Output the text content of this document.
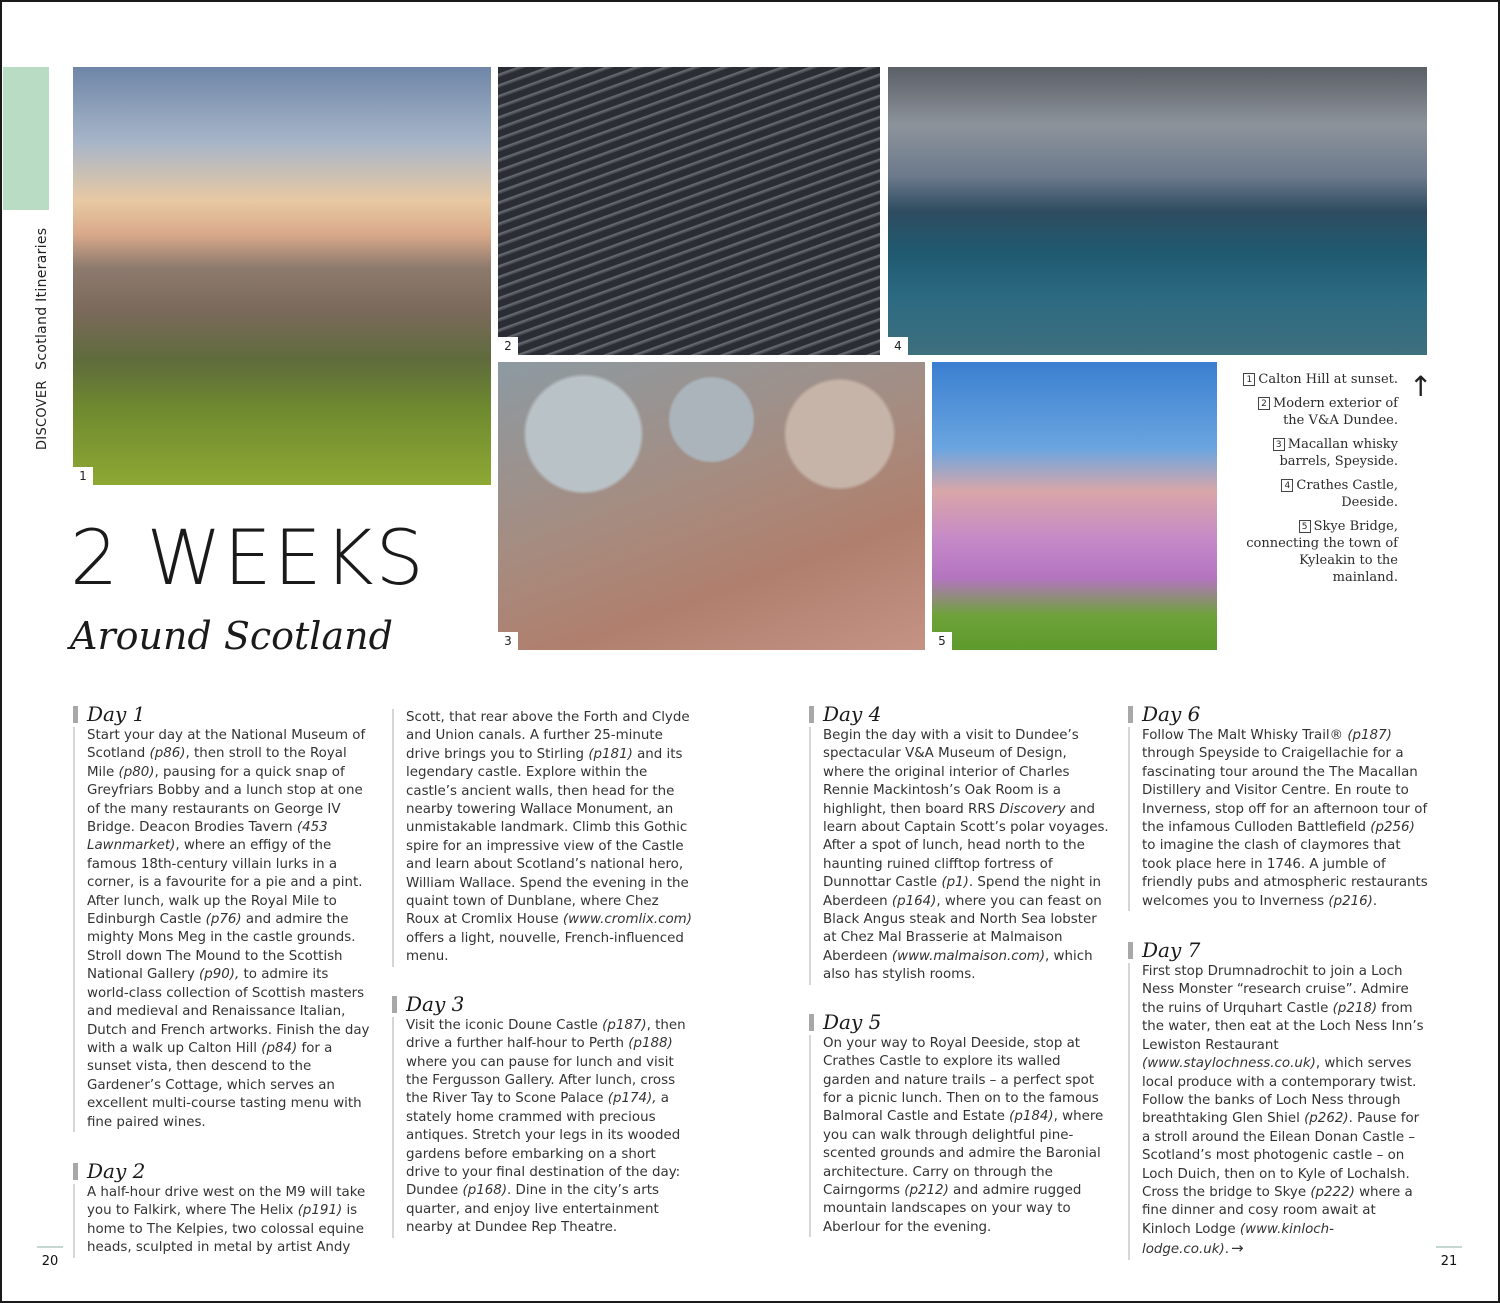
DISCOVER Scotland Itineraries
1
2	4
3	5
1 Calton Hill at sunset.
2 Modern exterior of the V&A Dundee.
3 Macallan whisky barrels, Speyside.
4 Crathes Castle, Deeside.
5 Skye Bridge, connecting the town of Kyleakin to the mainland.
↑
2 WEEKS
Around Scotland
Day 1
Start your day at the National Museum of Scotland (p86), then stroll to the Royal Mile (p80), pausing for a quick snap of Greyfriars Bobby and a lunch stop at one of the many restaurants on George IV Bridge. Deacon Brodies Tavern (453 Lawnmarket), where an effigy of the famous 18th-century villain lurks in a corner, is a favourite for a pie and a pint. After lunch, walk up the Royal Mile to Edinburgh Castle (p76) and admire the mighty Mons Meg in the castle grounds. Stroll down The Mound to the Scottish National Gallery (p90), to admire its world-class collection of Scottish masters and medieval and Renaissance Italian, Dutch and French artworks. Finish the day with a walk up Calton Hill (p84) for a sunset vista, then descend to the Gardener’s Cottage, which serves an excellent multi-course tasting menu with fine paired wines.
Day 2
A half-hour drive west on the M9 will take you to Falkirk, where The Helix (p191) is home to The Kelpies, two colossal equine heads, sculpted in metal by artist Andy
Scott, that rear above the Forth and Clyde and Union canals. A further 25-minute drive brings you to Stirling (p181) and its legendary castle. Explore within the castle’s ancient walls, then head for the nearby towering Wallace Monument, an unmistakable landmark. Climb this Gothic spire for an impressive view of the Castle and learn about Scotland’s national hero, William Wallace. Spend the evening in the quaint town of Dunblane, where Chez Roux at Cromlix House (www.cromlix.com) offers a light, nouvelle, French-influenced menu.
Day 3
Visit the iconic Doune Castle (p187), then drive a further half-hour to Perth (p188) where you can pause for lunch and visit the Fergusson Gallery. After lunch, cross the River Tay to Scone Palace (p174), a stately home crammed with precious antiques. Stretch your legs in its wooded gardens before embarking on a short drive to your final destination of the day: Dundee (p168). Dine in the city’s arts quarter, and enjoy live entertainment nearby at Dundee Rep Theatre.
Day 4
Begin the day with a visit to Dundee’s spectacular V&A Museum of Design, where the original interior of Charles Rennie Mackintosh’s Oak Room is a highlight, then board RRS Discovery and learn about Captain Scott’s polar voyages. After a spot of lunch, head north to the haunting ruined clifftop fortress of Dunnottar Castle (p1). Spend the night in Aberdeen (p164), where you can feast on Black Angus steak and North Sea lobster at Chez Mal Brasserie at Malmaison Aberdeen (www.malmaison.com), which also has stylish rooms.
Day 5
On your way to Royal Deeside, stop at Crathes Castle to explore its walled garden and nature trails – a perfect spot for a picnic lunch. Then on to the famous Balmoral Castle and Estate (p184), where you can walk through delightful pine-scented grounds and admire the Baronial architecture. Carry on through the Cairngorms (p212) and admire rugged mountain landscapes on your way to Aberlour for the evening.
Day 6
Follow The Malt Whisky Trail® (p187) through Speyside to Craigellachie for a fascinating tour around the The Macallan Distillery and Visitor Centre. En route to Inverness, stop off for an afternoon tour of the infamous Culloden Battlefield (p256) to imagine the clash of claymores that took place here in 1746. A jumble of friendly pubs and atmospheric restaurants welcomes you to Inverness (p216).
Day 7
First stop Drumnadrochit to join a Loch Ness Monster “research cruise”. Admire the ruins of Urquhart Castle (p218) from the water, then eat at the Loch Ness Inn’s Lewiston Restaurant (www.staylochness.co.uk), which serves local produce with a contemporary twist. Follow the banks of Loch Ness through breathtaking Glen Shiel (p262). Pause for a stroll around the Eilean Donan Castle – Scotland’s most photogenic castle – on Loch Duich, then on to Kyle of Lochalsh. Cross the bridge to Skye (p222) where a fine dinner and cosy room await at Kinloch Lodge (www.kinloch-lodge.co.uk). →
20	21
